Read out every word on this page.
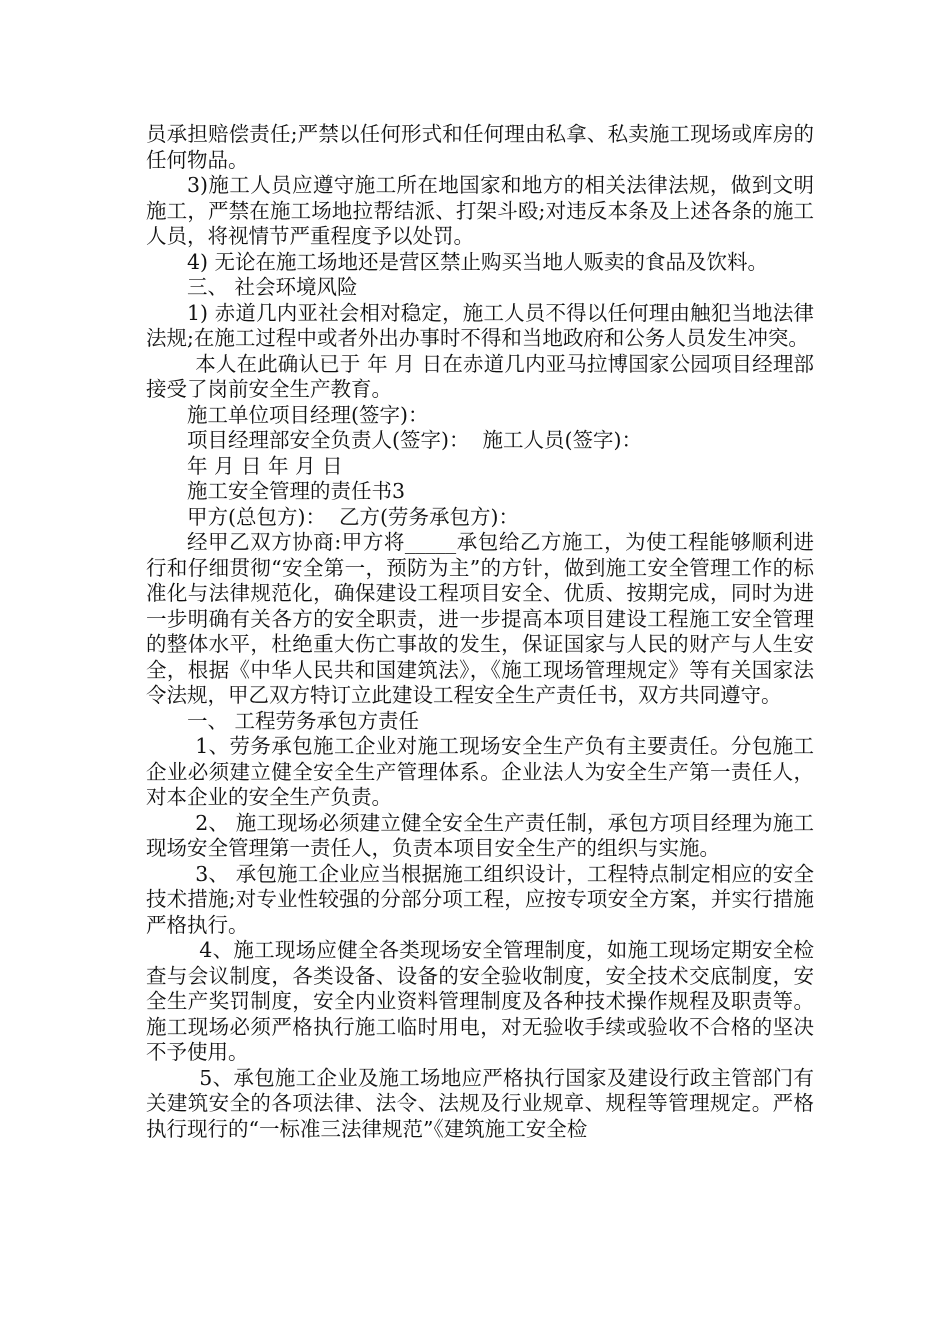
员承担赔偿责任;严禁以任何形式和任何理由私拿、私卖施工现场或库房的任何物品。

3)施工人员应遵守施工所在地国家和地方的相关法律法规，做到文明施工，严禁在施工场地拉帮结派、打架斗殴;对违反本条及上述各条的施工人员，将视情节严重程度予以处罚。

4) 无论在施工场地还是营区禁止购买当地人贩卖的食品及饮料。

三、 社会环境风险

1) 赤道几内亚社会相对稳定，施工人员不得以任何理由触犯当地法律法规;在施工过程中或者外出办事时不得和当地政府和公务人员发生冲突。

本人在此确认已于 年 月 日在赤道几内亚马拉博国家公园项目经理部接受了岗前安全生产教育。

施工单位项目经理(签字)：

项目经理部安全负责人(签字)：  施工人员(签字)：

年 月 日 年 月 日

施工安全管理的责任书3

甲方(总包方)：  乙方(劳务承包方)：

经甲乙双方协商:甲方将_____承包给乙方施工，为使工程能够顺利进行和仔细贯彻“安全第一，预防为主”的方针，做到施工安全管理工作的标准化与法律规范化，确保建设工程项目安全、优质、按期完成，同时为进一步明确有关各方的安全职责，进一步提高本项目建设工程施工安全管理的整体水平，杜绝重大伤亡事故的发生，保证国家与人民的财产与人生安全，根据《中华人民共和国建筑法》，《施工现场管理规定》等有关国家法令法规，甲乙双方特订立此建设工程安全生产责任书，双方共同遵守。

一、 工程劳务承包方责任

1、劳务承包施工企业对施工现场安全生产负有主要责任。分包施工企业必须建立健全安全生产管理体系。企业法人为安全生产第一责任人，对本企业的安全生产负责。

2、 施工现场必须建立健全安全生产责任制，承包方项目经理为施工现场安全管理第一责任人，负责本项目安全生产的组织与实施。

3、 承包施工企业应当根据施工组织设计，工程特点制定相应的安全技术措施;对专业性较强的分部分项工程，应按专项安全方案，并实行措施严格执行。

4、施工现场应健全各类现场安全管理制度，如施工现场定期安全检查与会议制度，各类设备、设备的安全验收制度，安全技术交底制度，安全生产奖罚制度，安全内业资料管理制度及各种技术操作规程及职责等。施工现场必须严格执行施工临时用电，对无验收手续或验收不合格的坚决不予使用。

5、承包施工企业及施工场地应严格执行国家及建设行政主管部门有关建筑安全的各项法律、法令、法规及行业规章、规程等管理规定。严格执行现行的“一标准三法律规范”《建筑施工安全检
